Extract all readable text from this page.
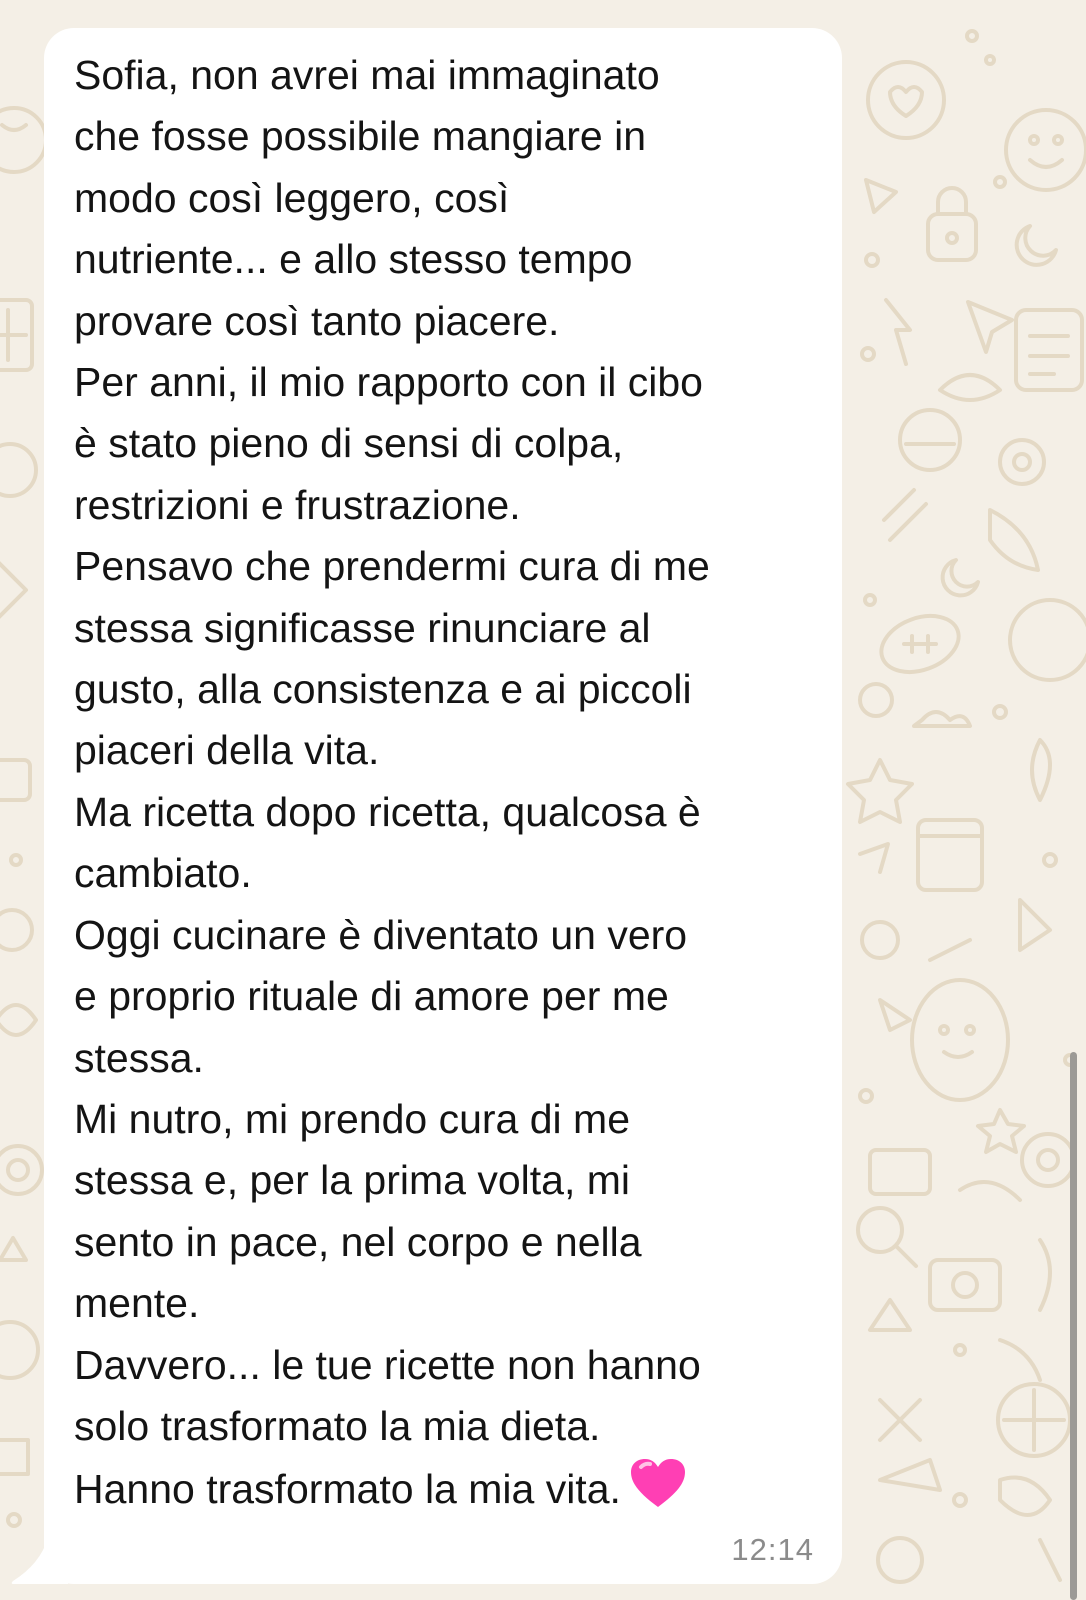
Sofia, non avrei mai immaginato
che fosse possibile mangiare in
modo così leggero, così
nutriente... e allo stesso tempo
provare così tanto piacere.
Per anni, il mio rapporto con il cibo
è stato pieno di sensi di colpa,
restrizioni e frustrazione.
Pensavo che prendermi cura di me
stessa significasse rinunciare al
gusto, alla consistenza e ai piccoli
piaceri della vita.
Ma ricetta dopo ricetta, qualcosa è
cambiato.
Oggi cucinare è diventato un vero
e proprio rituale di amore per me
stessa.
Mi nutro, mi prendo cura di me
stessa e, per la prima volta, mi
sento in pace, nel corpo e nella
mente.
Davvero... le tue ricette non hanno
solo trasformato la mia dieta.
Hanno trasformato la mia vita.

12:14
